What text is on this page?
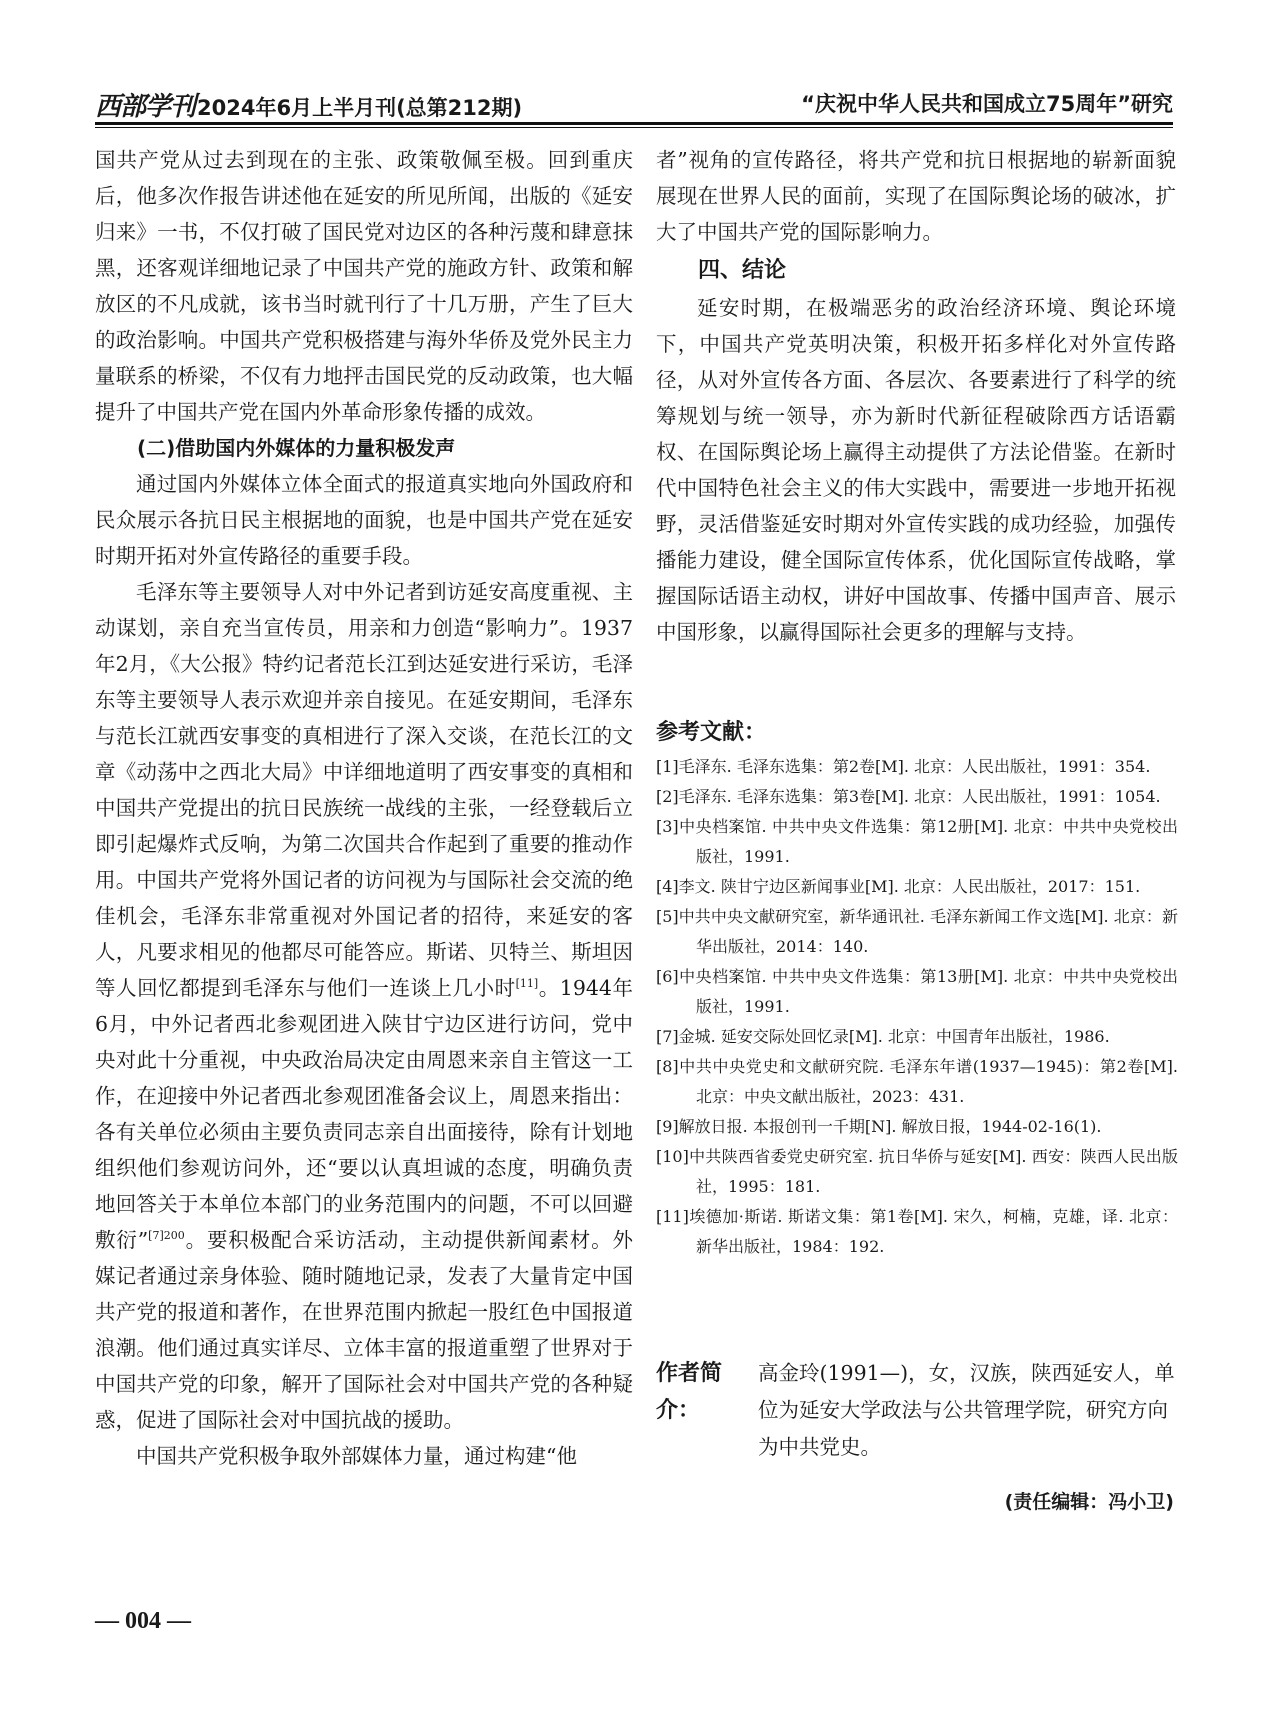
西部学刊 2024年6月上半月刊(总第212期)	“庆祝中华人民共和国成立75周年”研究

国共产党从过去到现在的主张、政策敬佩至极。回到重庆后，他多次作报告讲述他在延安的所见所闻，出版的《延安归来》一书，不仅打破了国民党对边区的各种污蔑和肆意抹黑，还客观详细地记录了中国共产党的施政方针、政策和解放区的不凡成就，该书当时就刊行了十几万册，产生了巨大的政治影响。中国共产党积极搭建与海外华侨及党外民主力量联系的桥梁，不仅有力地抨击国民党的反动政策，也大幅提升了中国共产党在国内外革命形象传播的成效。

(二)借助国内外媒体的力量积极发声

通过国内外媒体立体全面式的报道真实地向外国政府和民众展示各抗日民主根据地的面貌，也是中国共产党在延安时期开拓对外宣传路径的重要手段。

毛泽东等主要领导人对中外记者到访延安高度重视、主动谋划，亲自充当宣传员，用亲和力创造“影响力”。1937年2月，《大公报》特约记者范长江到达延安进行采访，毛泽东等主要领导人表示欢迎并亲自接见。在延安期间，毛泽东与范长江就西安事变的真相进行了深入交谈，在范长江的文章《动荡中之西北大局》中详细地道明了西安事变的真相和中国共产党提出的抗日民族统一战线的主张，一经登载后立即引起爆炸式反响，为第二次国共合作起到了重要的推动作用。中国共产党将外国记者的访问视为与国际社会交流的绝佳机会，毛泽东非常重视对外国记者的招待，来延安的客人，凡要求相见的他都尽可能答应。斯诺、贝特兰、斯坦因等人回忆都提到毛泽东与他们一连谈上几小时[11]。1944年6月，中外记者西北参观团进入陕甘宁边区进行访问，党中央对此十分重视，中央政治局决定由周恩来亲自主管这一工作，在迎接中外记者西北参观团准备会议上，周恩来指出：各有关单位必须由主要负责同志亲自出面接待，除有计划地组织他们参观访问外，还“要以认真坦诚的态度，明确负责地回答关于本单位本部门的业务范围内的问题，不可以回避敷衍”$^{[7]200}$。要积极配合采访活动，主动提供新闻素材。外媒记者通过亲身体验、随时随地记录，发表了大量肯定中国共产党的报道和著作，在世界范围内掀起一股红色中国报道浪潮。他们通过真实详尽、立体丰富的报道重塑了世界对于中国共产党的印象，解开了国际社会对中国共产党的各种疑惑，促进了国际社会对中国抗战的援助。

中国共产党积极争取外部媒体力量，通过构建“他

者”视角的宣传路径，将共产党和抗日根据地的崭新面貌展现在世界人民的面前，实现了在国际舆论场的破冰，扩大了中国共产党的国际影响力。

四、结论

延安时期，在极端恶劣的政治经济环境、舆论环境下，中国共产党英明决策，积极开拓多样化对外宣传路径，从对外宣传各方面、各层次、各要素进行了科学的统筹规划与统一领导，亦为新时代新征程破除西方话语霸权、在国际舆论场上赢得主动提供了方法论借鉴。在新时代中国特色社会主义的伟大实践中，需要进一步地开拓视野，灵活借鉴延安时期对外宣传实践的成功经验，加强传播能力建设，健全国际宣传体系，优化国际宣传战略，掌握国际话语主动权，讲好中国故事、传播中国声音、展示中国形象，以赢得国际社会更多的理解与支持。

参考文献：
[1]毛泽东. 毛泽东选集：第2卷[M]. 北京：人民出版社，1991：354.
[2]毛泽东. 毛泽东选集：第3卷[M]. 北京：人民出版社，1991：1054.
[3]中央档案馆. 中共中央文件选集：第12册[M]. 北京：中共中央党校出版社，1991.
[4]李文. 陕甘宁边区新闻事业[M]. 北京：人民出版社，2017：151.
[5]中共中央文献研究室，新华通讯社. 毛泽东新闻工作文选[M]. 北京：新华出版社，2014：140.
[6]中央档案馆. 中共中央文件选集：第13册[M]. 北京：中共中央党校出版社，1991.
[7]金城. 延安交际处回忆录[M]. 北京：中国青年出版社，1986.
[8]中共中央党史和文献研究院. 毛泽东年谱(1937—1945)：第2卷[M]. 北京：中央文献出版社，2023：431.
[9]解放日报. 本报创刊一千期[N]. 解放日报，1944-02-16(1).
[10]中共陕西省委党史研究室. 抗日华侨与延安[M]. 西安：陕西人民出版社，1995：181.
[11]埃德加·斯诺. 斯诺文集：第1卷[M]. 宋久，柯楠，克雄，译. 北京：新华出版社，1984：192.
作者简介：
高金玲(1991—)，女，汉族，陕西延安人，单位为延安大学政法与公共管理学院，研究方向为中共党史。
(责任编辑：冯小卫)
— 004 —
